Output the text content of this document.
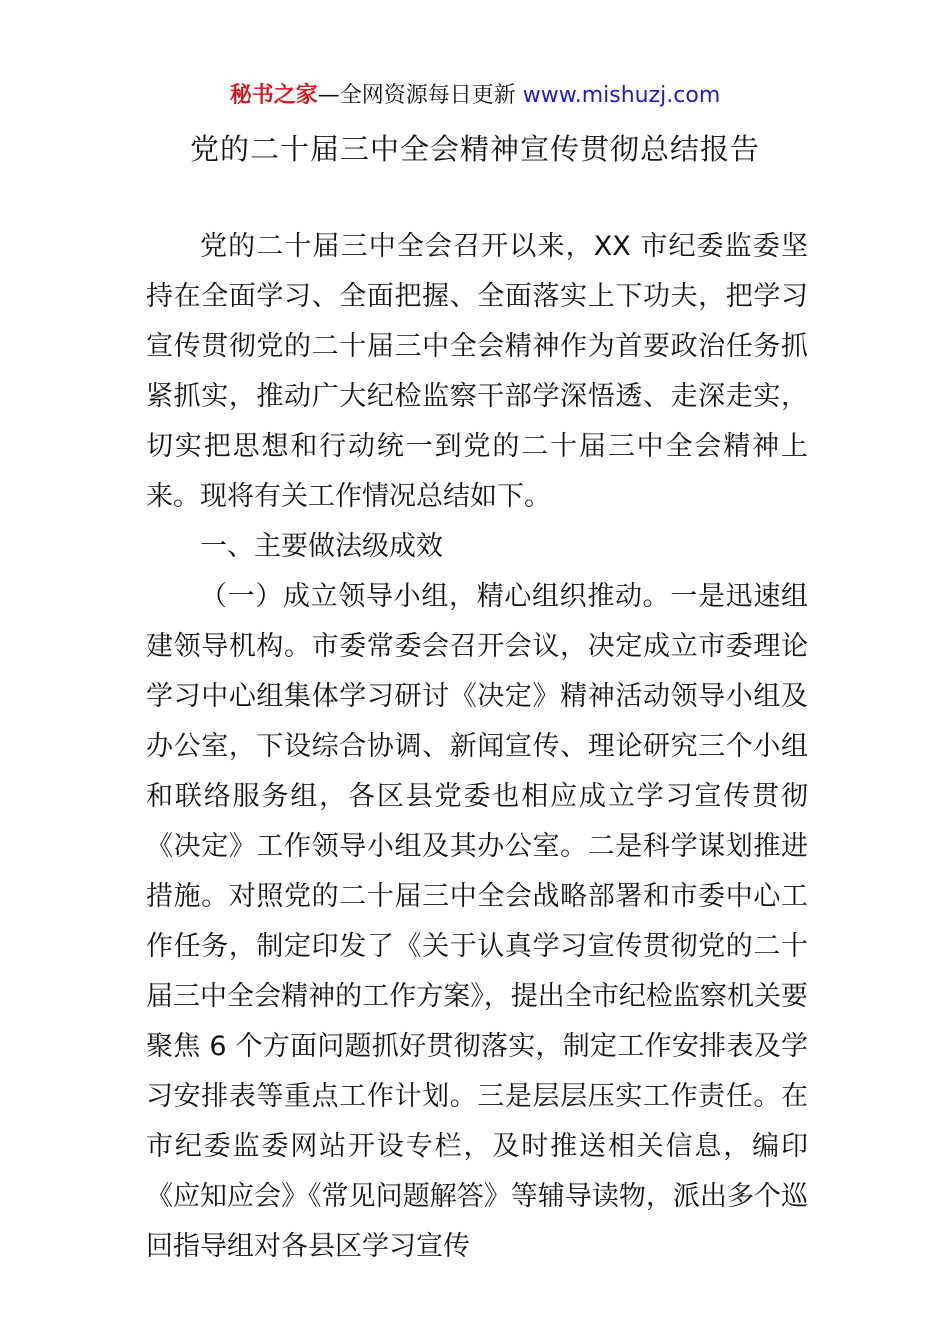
秘书之家—全网资源每日更新 www.mishuzj.com
党的二十届三中全会精神宣传贯彻总结报告

党的二十届三中全会召开以来，XX 市纪委监委坚持在全面学习、全面把握、全面落实上下功夫，把学习宣传贯彻党的二十届三中全会精神作为首要政治任务抓紧抓实，推动广大纪检监察干部学深悟透、走深走实，切实把思想和行动统一到党的二十届三中全会精神上来。现将有关工作情况总结如下。

一、主要做法级成效

（一）成立领导小组，精心组织推动。一是迅速组建领导机构。市委常委会召开会议，决定成立市委理论学习中心组集体学习研讨《决定》精神活动领导小组及办公室，下设综合协调、新闻宣传、理论研究三个小组和联络服务组，各区县党委也相应成立学习宣传贯彻《决定》工作领导小组及其办公室。二是科学谋划推进措施。对照党的二十届三中全会战略部署和市委中心工作任务，制定印发了《关于认真学习宣传贯彻党的二十届三中全会精神的工作方案》，提出全市纪检监察机关要聚焦 6 个方面问题抓好贯彻落实，制定工作安排表及学习安排表等重点工作计划。三是层层压实工作责任。在市纪委监委网站开设专栏，及时推送相关信息，编印《应知应会》《常见问题解答》等辅导读物，派出多个巡回指导组对各县区学习宣传
